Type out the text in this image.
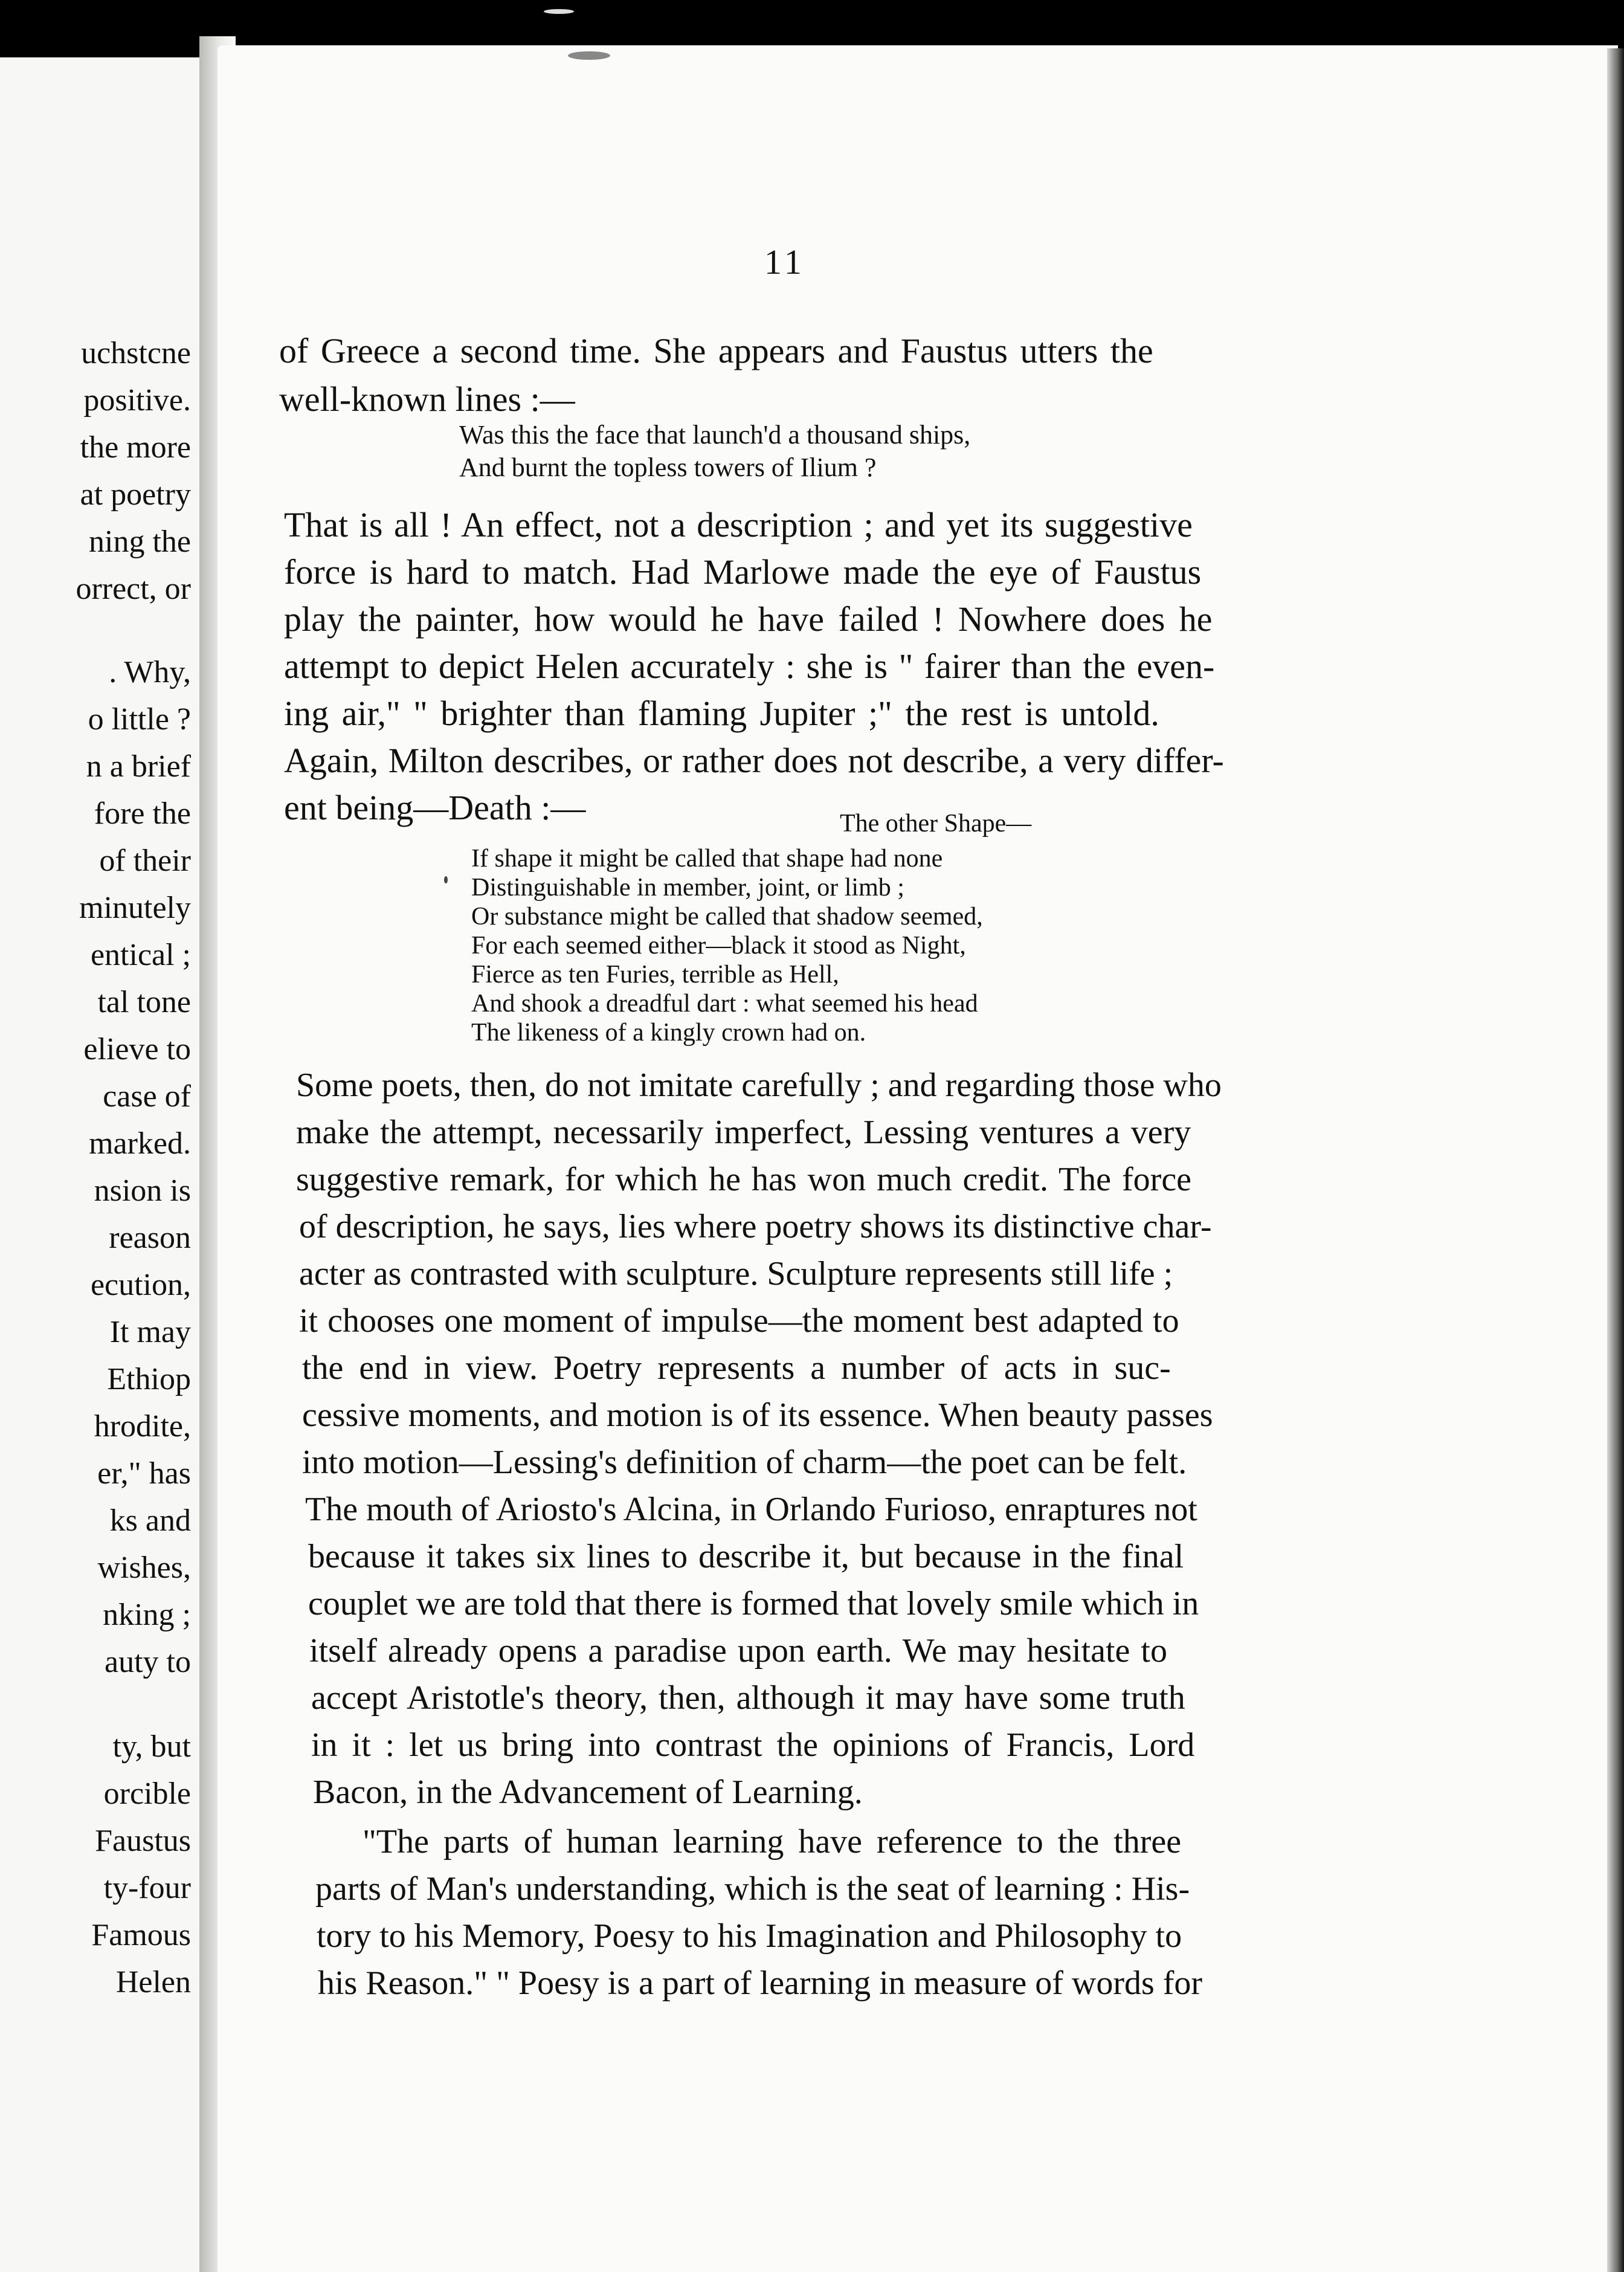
uchstcne
positive.
the more
at poetry
ning the
orrect, or
. Why,
o little ?
n a brief
fore the
of their
minutely
entical ;
tal tone
elieve to
case of
marked.
nsion is
reason
ecution,
It may
Ethiop
hrodite,
er," has
ks and
wishes,
nking ;
auty to
ty, but
orcible
Faustus
ty-four
Famous
Helen
11
of Greece a second time. She appears and Faustus utters the
well-known lines :—
Was this the face that launch'd a thousand ships,
And burnt the topless towers of Ilium ?
That is all ! An effect, not a description ; and yet its suggestive
force is hard to match. Had Marlowe made the eye of Faustus
play the painter, how would he have failed ! Nowhere does he
attempt to depict Helen accurately : she is " fairer than the even-
ing air," " brighter than flaming Jupiter ;" the rest is untold.
Again, Milton describes, or rather does not describe, a very differ-
ent being—Death :—	The other Shape—
If shape it might be called that shape had none
Distinguishable in member, joint, or limb ;
Or substance might be called that shadow seemed,
For each seemed either—black it stood as Night,
Fierce as ten Furies, terrible as Hell,
And shook a dreadful dart : what seemed his head
The likeness of a kingly crown had on.
Some poets, then, do not imitate carefully ; and regarding those who
make the attempt, necessarily imperfect, Lessing ventures a very
suggestive remark, for which he has won much credit. The force
of description, he says, lies where poetry shows its distinctive char-
acter as contrasted with sculpture. Sculpture represents still life ;
it chooses one moment of impulse—the moment best adapted to
the end in view. Poetry represents a number of acts in suc-
cessive moments, and motion is of its essence. When beauty passes
into motion—Lessing's definition of charm—the poet can be felt.
The mouth of Ariosto's Alcina, in Orlando Furioso, enraptures not
because it takes six lines to describe it, but because in the final
couplet we are told that there is formed that lovely smile which in
itself already opens a paradise upon earth. We may hesitate to
accept Aristotle's theory, then, although it may have some truth
in it : let us bring into contrast the opinions of Francis, Lord
Bacon, in the Advancement of Learning.
"The parts of human learning have reference to the three
parts of Man's understanding, which is the seat of learning : His-
tory to his Memory, Poesy to his Imagination and Philosophy to
his Reason." " Poesy is a part of learning in measure of words for
